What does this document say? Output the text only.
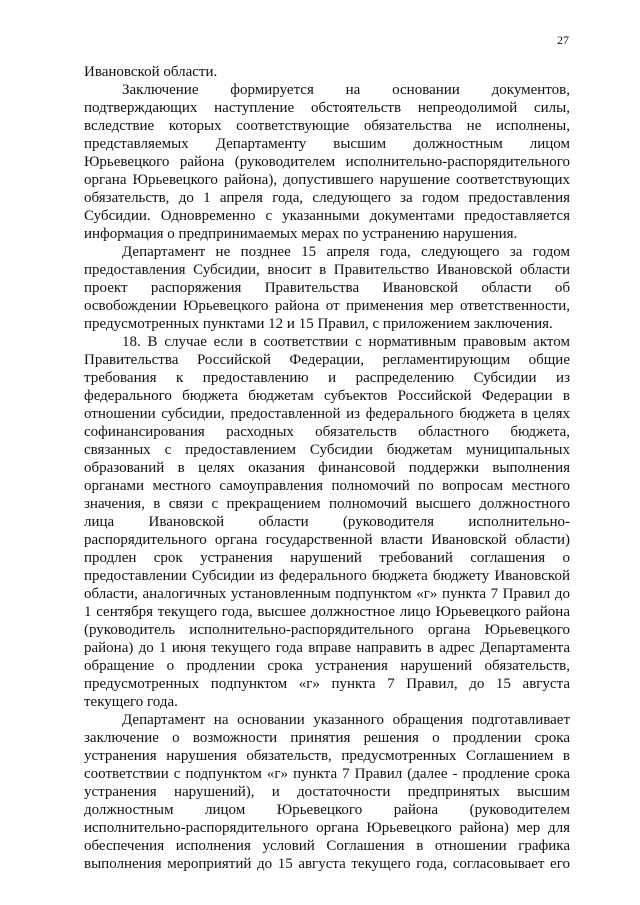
27
Ивановской области.
Заключение формируется на основании документов,
подтверждающих наступление обстоятельств непреодолимой силы,
вследствие которых соответствующие обязательства не исполнены,
представляемых Департаменту высшим должностным лицом
Юрьевецкого района (руководителем исполнительно-распорядительного
органа Юрьевецкого района), допустившего нарушение соответствующих
обязательств, до 1 апреля года, следующего за годом предоставления
Субсидии. Одновременно с указанными документами предоставляется
информация о предпринимаемых мерах по устранению нарушения.
Департамент не позднее 15 апреля года, следующего за годом
предоставления Субсидии, вносит в Правительство Ивановской области
проект распоряжения Правительства Ивановской области об
освобождении Юрьевецкого района от применения мер ответственности,
предусмотренных пунктами 12 и 15 Правил, с приложением заключения.
18. В случае если в соответствии с нормативным правовым актом
Правительства Российской Федерации, регламентирующим общие
требования к предоставлению и распределению Субсидии из
федерального бюджета бюджетам субъектов Российской Федерации в
отношении субсидии, предоставленной из федерального бюджета в целях
софинансирования расходных обязательств областного бюджета,
связанных с предоставлением Субсидии бюджетам муниципальных
образований в целях оказания финансовой поддержки выполнения
органами местного самоуправления полномочий по вопросам местного
значения, в связи с прекращением полномочий высшего должностного
лица Ивановской области (руководителя исполнительно-
распорядительного органа государственной власти Ивановской области)
продлен срок устранения нарушений требований соглашения о
предоставлении Субсидии из федерального бюджета бюджету Ивановской
области, аналогичных установленным подпунктом «г» пункта 7 Правил до
1 сентября текущего года, высшее должностное лицо Юрьевецкого района
(руководитель исполнительно-распорядительного органа Юрьевецкого
района) до 1 июня текущего года вправе направить в адрес Департамента
обращение о продлении срока устранения нарушений обязательств,
предусмотренных подпунктом «г» пункта 7 Правил, до 15 августа
текущего года.
Департамент на основании указанного обращения подготавливает
заключение о возможности принятия решения о продлении срока
устранения нарушения обязательств, предусмотренных Соглашением в
соответствии с подпунктом «г» пункта 7 Правил (далее - продление срока
устранения нарушений), и достаточности предпринятых высшим
должностным лицом Юрьевецкого района (руководителем
исполнительно-распорядительного органа Юрьевецкого района) мер для
обеспечения исполнения условий Соглашения в отношении графика
выполнения мероприятий до 15 августа текущего года, согласовывает его
